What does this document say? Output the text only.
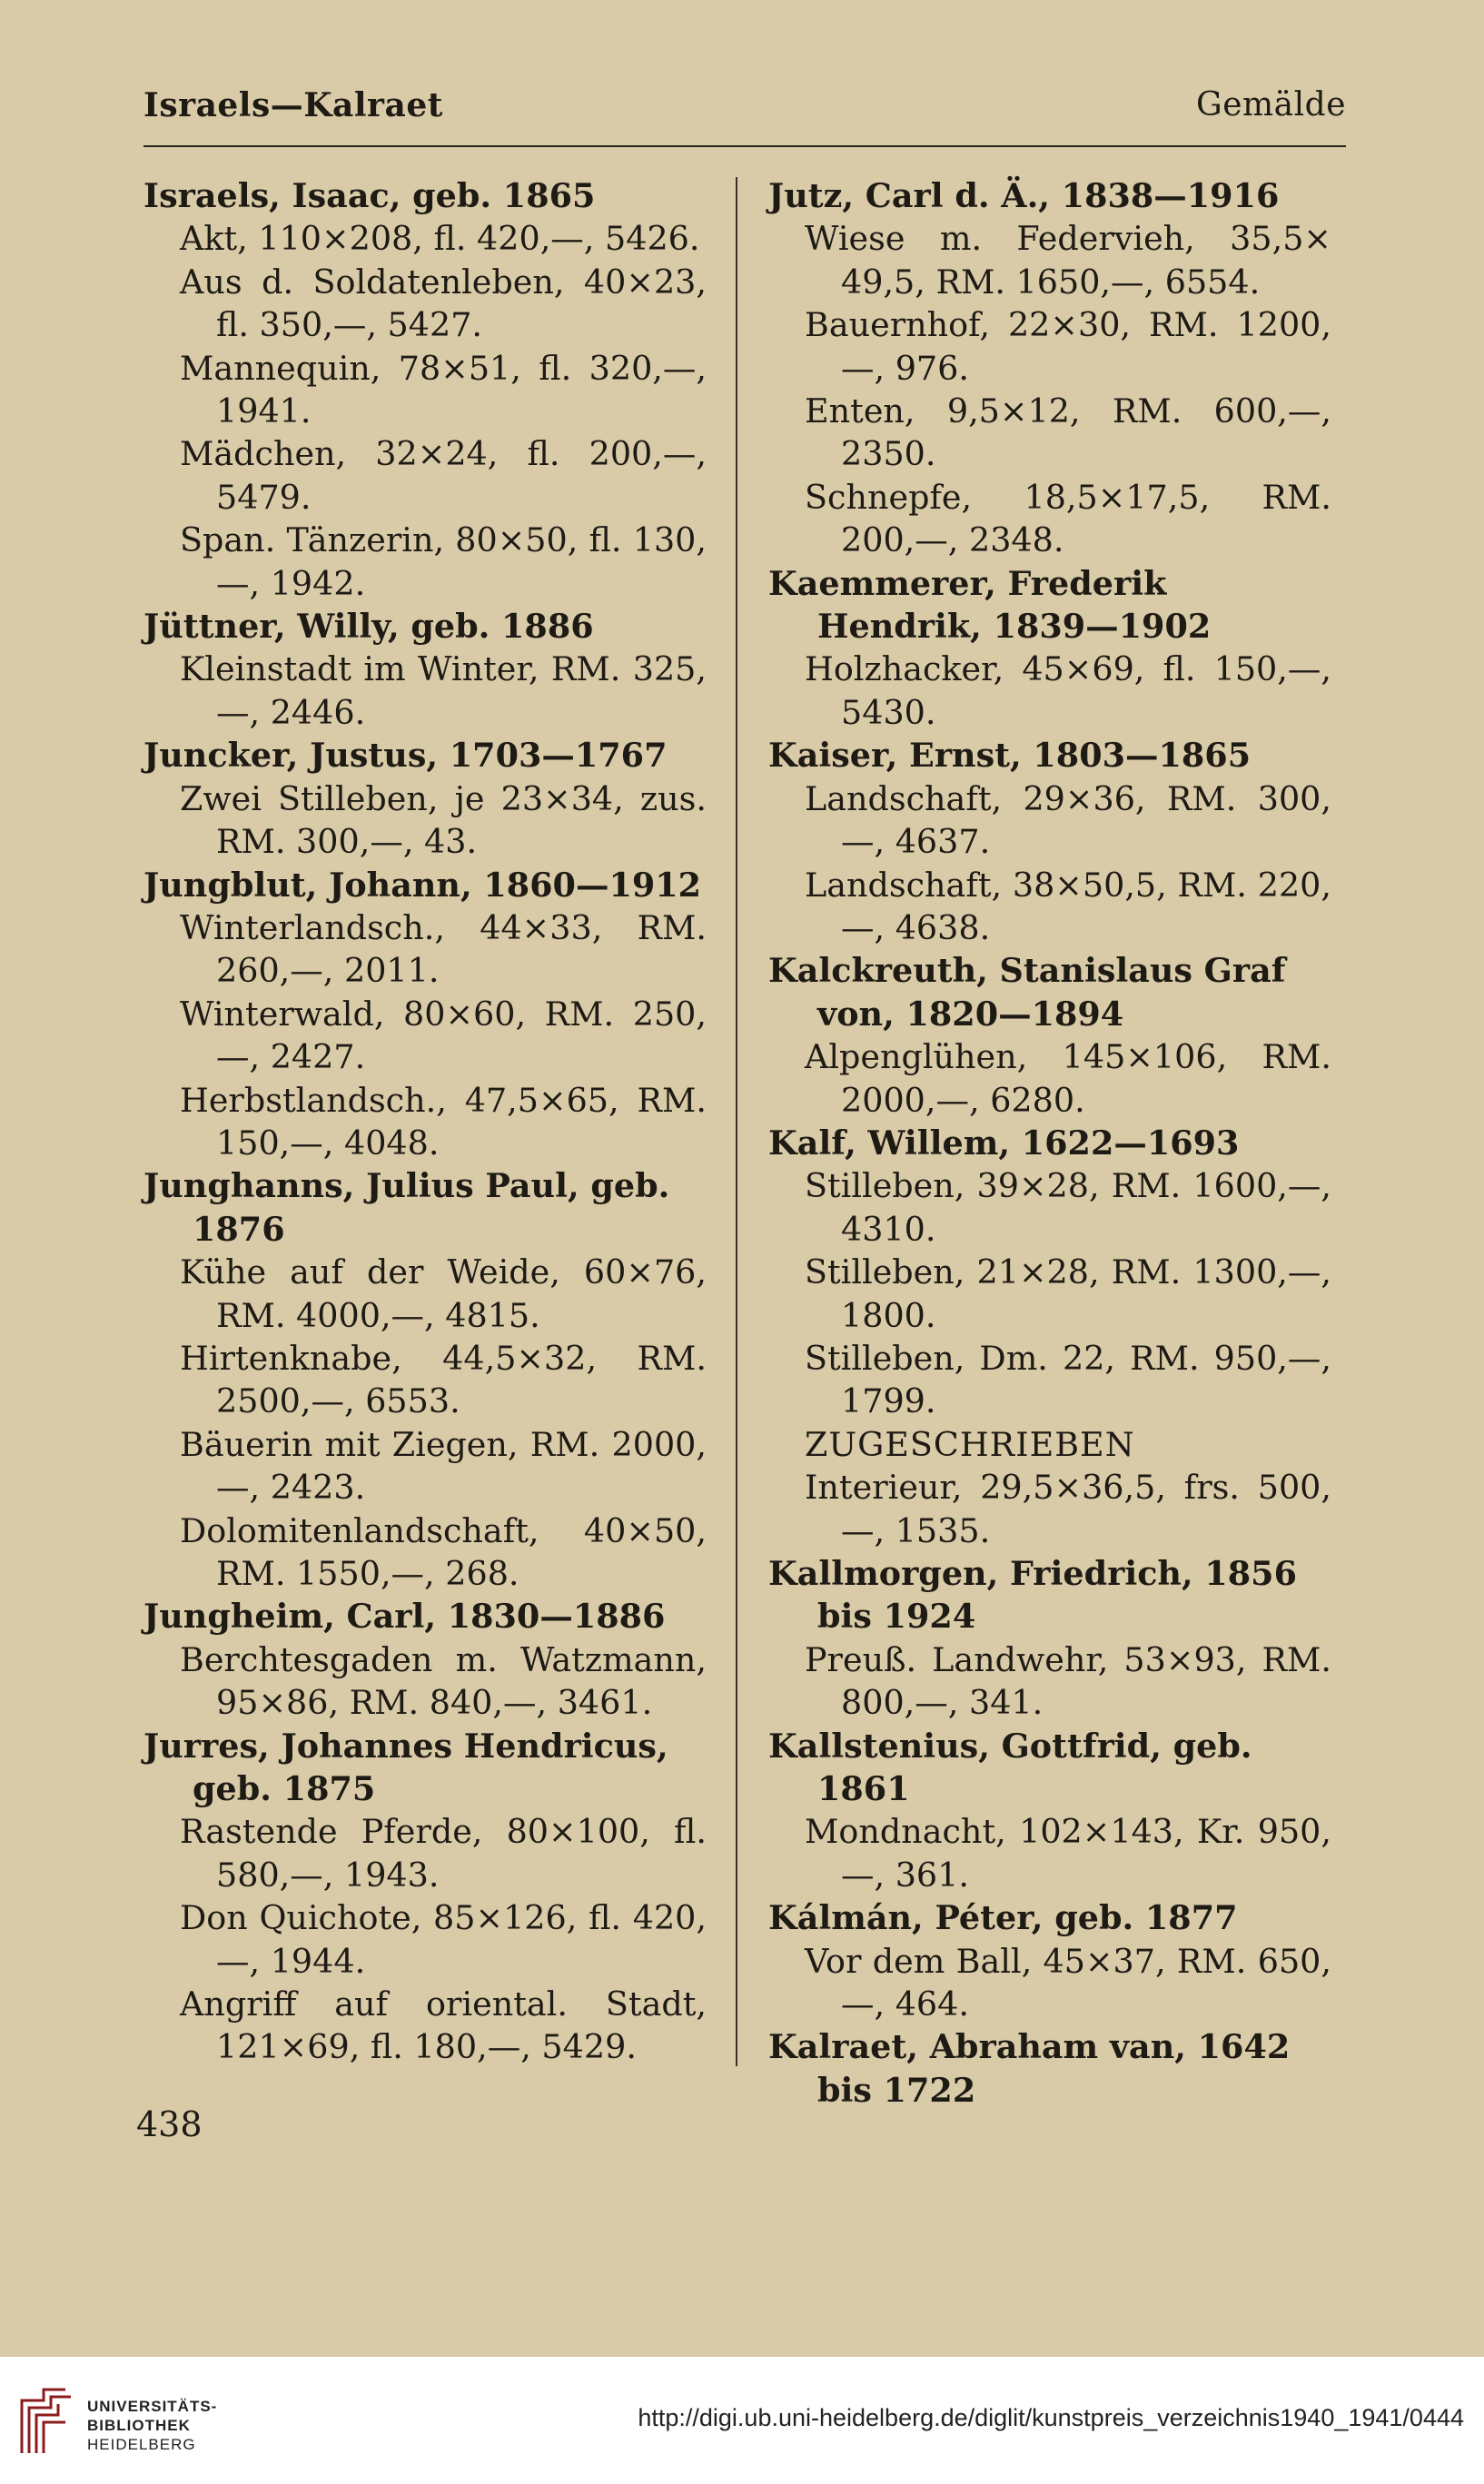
Israels—Kalraet	Gemälde

Israels, Isaac, geb. 1865

Akt, 110×208, fl. 420,—, 5426.

Aus d. Soldatenleben, 40×23, fl. 350,—, 5427.

Mannequin, 78×51, fl. 320,—, 1941.

Mädchen, 32×24, fl. 200,—, 5479.

Span. Tänzerin, 80×50, fl. 130,—, 1942.

Jüttner, Willy, geb. 1886

Kleinstadt im Winter, RM. 325,—, 2446.

Juncker, Justus, 1703—1767

Zwei Stilleben, je 23×34, zus. RM. 300,—, 43.

Jungblut, Johann, 1860—1912

Winterlandsch., 44×33, RM. 260,—, 2011.

Winterwald, 80×60, RM. 250,—, 2427.

Herbstlandsch., 47,5×65, RM. 150,—, 4048.

Junghanns, Julius Paul, geb. 1876

Kühe auf der Weide, 60×76, RM. 4000,—, 4815.

Hirtenknabe, 44,5×32, RM. 2500,—, 6553.

Bäuerin mit Ziegen, RM. 2000,—, 2423.

Dolomitenlandschaft, 40×50, RM. 1550,—, 268.

Jungheim, Carl, 1830—1886

Berchtesgaden m. Watzmann, 95×86, RM. 840,—, 3461.

Jurres, Johannes Hendricus, geb. 1875

Rastende Pferde, 80×100, fl. 580,—, 1943.

Don Quichote, 85×126, fl. 420,—, 1944.

Angriff auf oriental. Stadt, 121×69, fl. 180,—, 5429.

Jutz, Carl d. Ä., 1838—1916

Wiese m. Federvieh, 35,5× 49,5, RM. 1650,—, 6554.

Bauernhof, 22×30, RM. 1200,—, 976.

Enten, 9,5×12, RM. 600,—, 2350.

Schnepfe, 18,5×17,5, RM. 200,—, 2348.

Kaemmerer, Frederik Hendrik, 1839—1902

Holzhacker, 45×69, fl. 150,—, 5430.

Kaiser, Ernst, 1803—1865

Landschaft, 29×36, RM. 300,—, 4637.

Landschaft, 38×50,5, RM. 220,—, 4638.

Kalckreuth, Stanislaus Graf von, 1820—1894

Alpenglühen, 145×106, RM. 2000,—, 6280.

Kalf, Willem, 1622—1693

Stilleben, 39×28, RM. 1600,—, 4310.

Stilleben, 21×28, RM. 1300,—, 1800.

Stilleben, Dm. 22, RM. 950,—, 1799.

ZUGESCHRIEBEN

Interieur, 29,5×36,5, frs. 500,—, 1535.

Kallmorgen, Friedrich, 1856 bis 1924

Preuß. Landwehr, 53×93, RM. 800,—, 341.

Kallstenius, Gottfrid, geb. 1861

Mondnacht, 102×143, Kr. 950,—, 361.

Kálmán, Péter, geb. 1877

Vor dem Ball, 45×37, RM. 650,—, 464.

Kalraet, Abraham van, 1642 bis 1722

438
UNIVERSITÄTS-
BIBLIOTHEK
HEIDELBERG
http://digi.ub.uni-heidelberg.de/diglit/kunstpreis_verzeichnis1940_1941/0444
